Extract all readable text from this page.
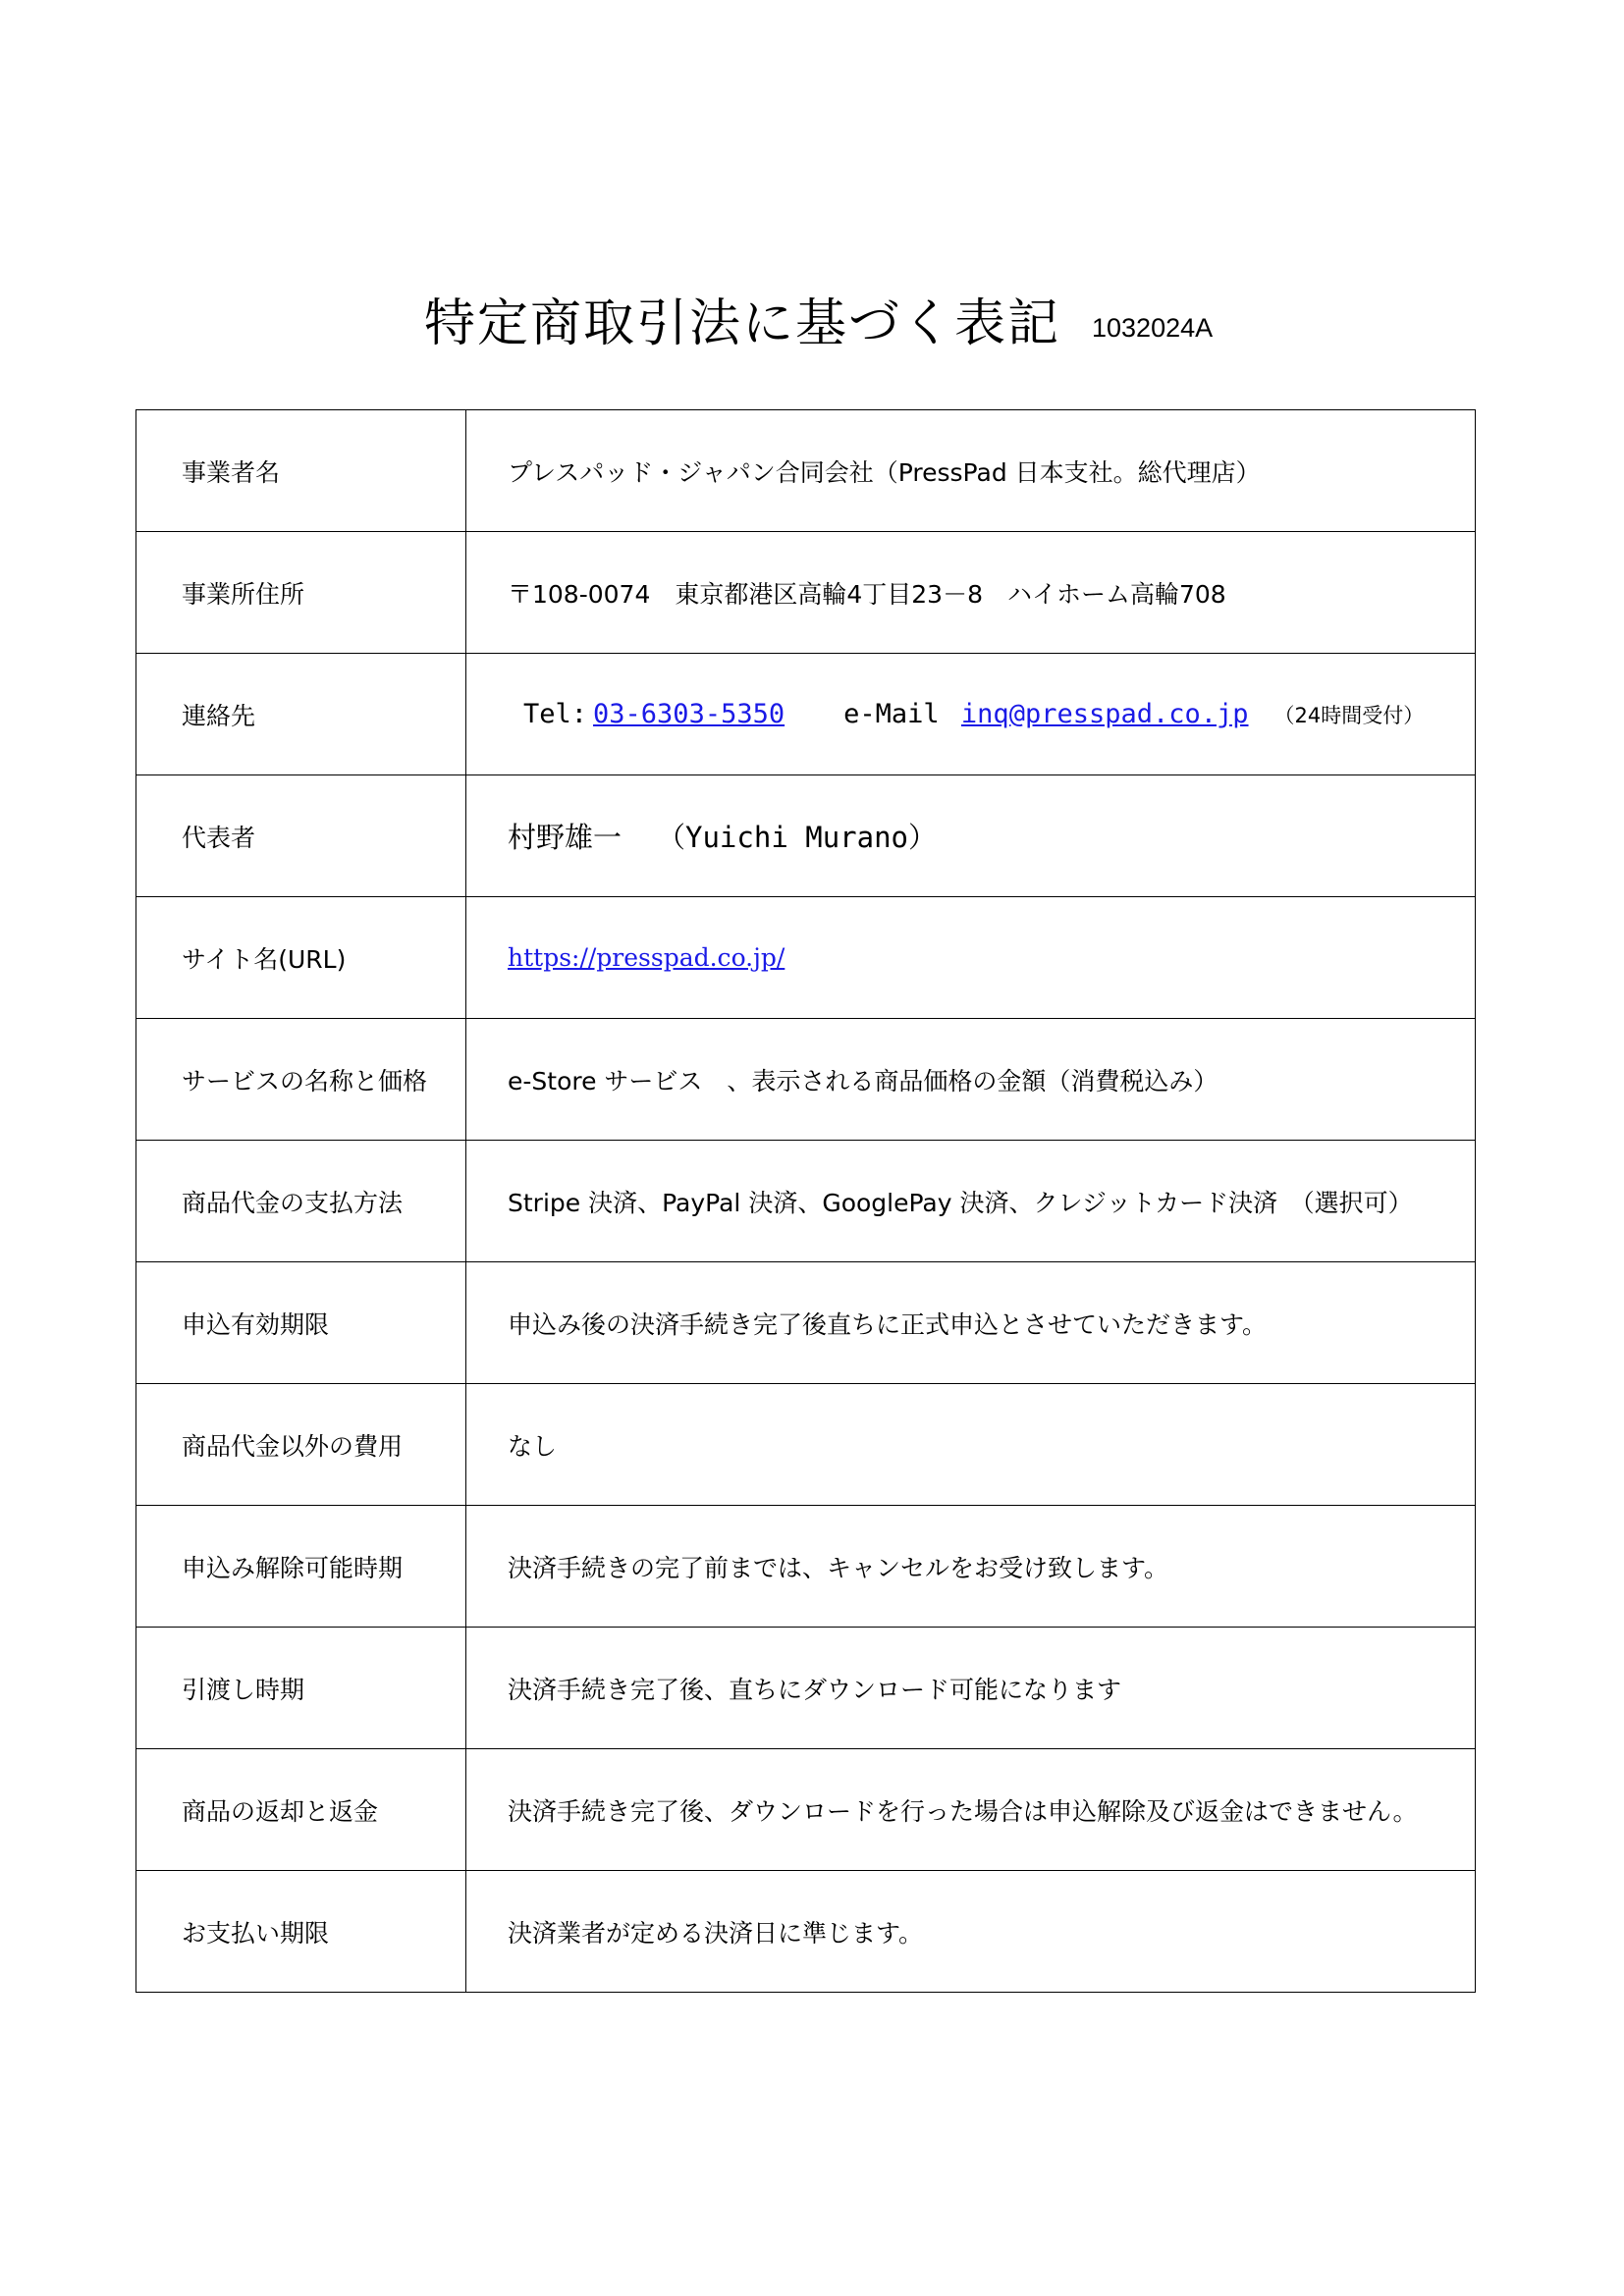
特定商取引法に基づく表記 1032024A
事業者名	プレスパッド・ジャパン合同会社（PressPad 日本支社。総代理店）
事業所住所	〒108-0074　東京都港区高輪4丁目23－8　ハイホーム高輪708
連絡先	Tel: 03-6303-5350 e-Mail inq@presspad.co.jp （24時間受付）
代表者	村野雄一 （Yuichi Murano）
サイト名(URL)	https://presspad.co.jp/
サービスの名称と価格	e-Store サービス　、表示される商品価格の金額（消費税込み）
商品代金の支払方法	Stripe 決済、PayPal 決済、GooglePay 決済、クレジットカード決済　（選択可）
申込有効期限	申込み後の決済手続き完了後直ちに正式申込とさせていただきます。
商品代金以外の費用	なし
申込み解除可能時期	決済手続きの完了前までは、キャンセルをお受け致します。
引渡し時期	決済手続き完了後、直ちにダウンロード可能になります
商品の返却と返金	決済手続き完了後、ダウンロードを行った場合は申込解除及び返金はできません。
お支払い期限	決済業者が定める決済日に準じます。
